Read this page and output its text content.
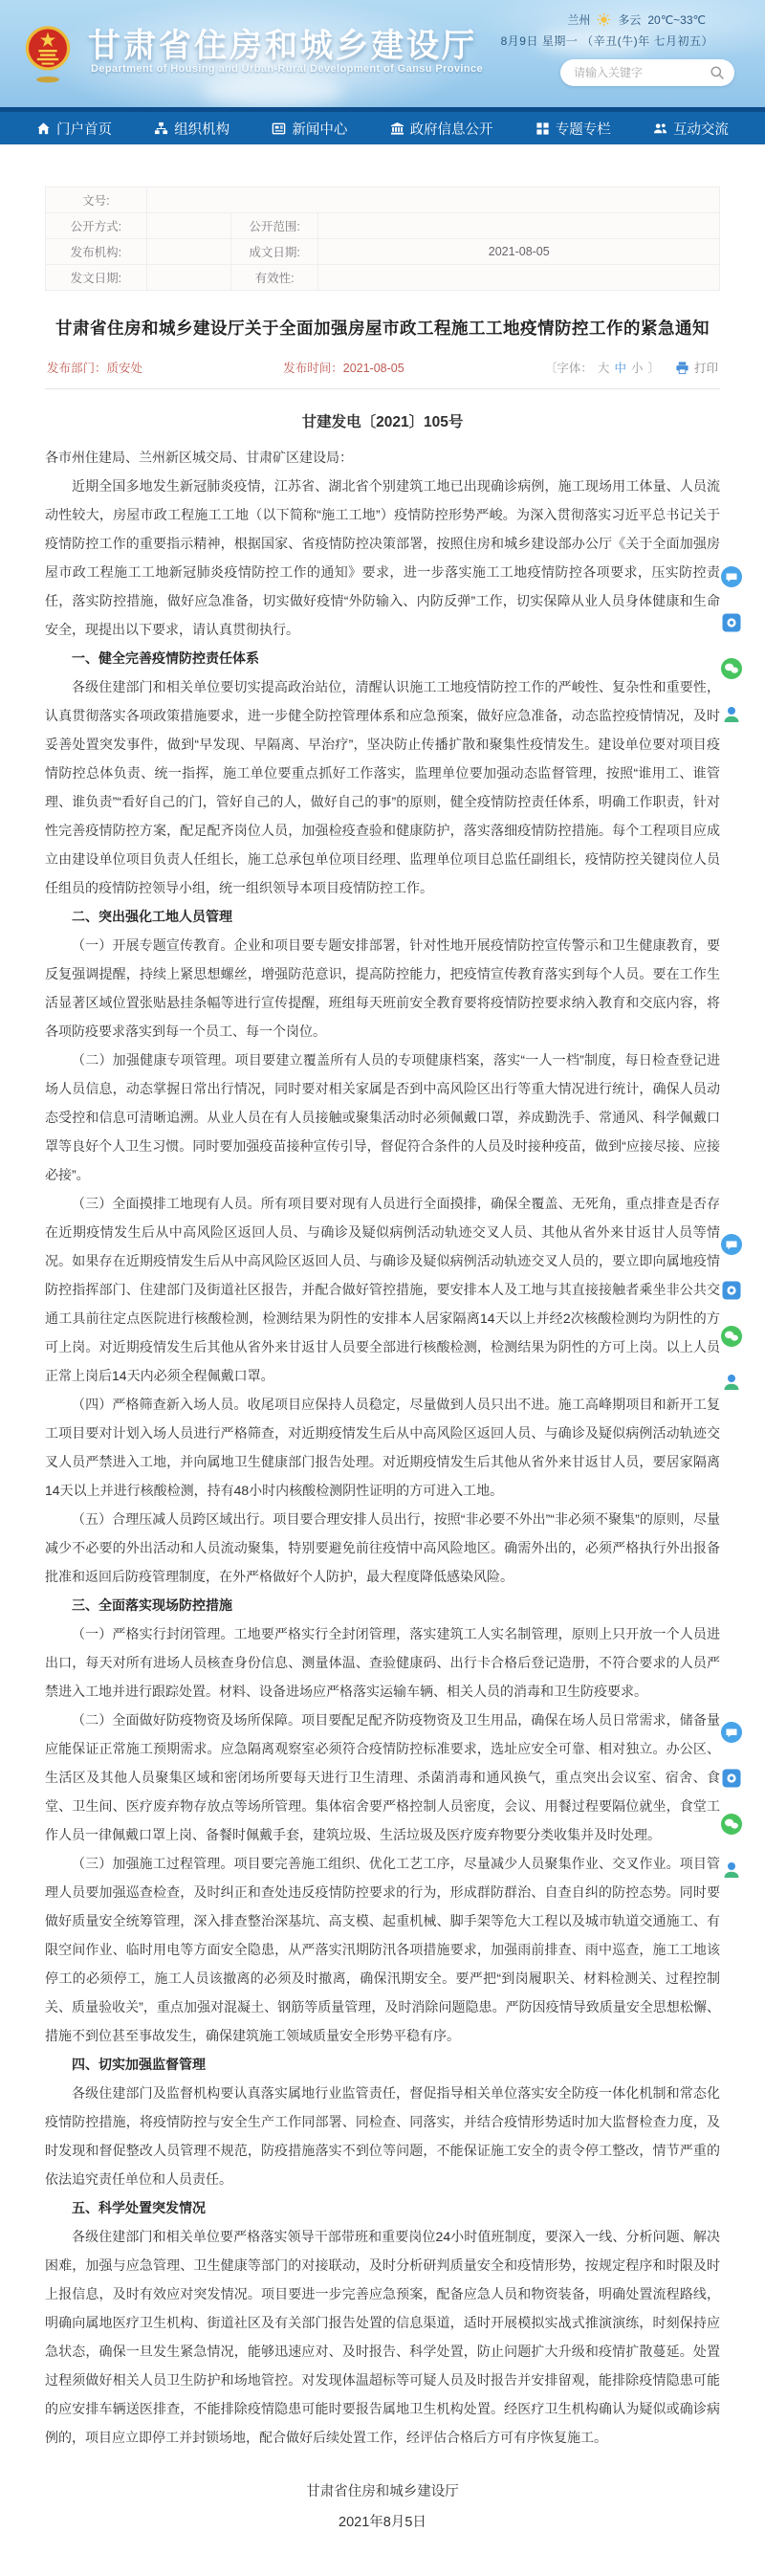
甘肃省住房和城乡建设厅
Department of Housing and Urban-Rural Development of Gansu Province
兰州 多云 20℃~33℃
8月9日 星期一 （辛丑(牛)年 七月初五）
请输入关键字
门户首页	组织机构	新闻中心	政府信息公开	专题专栏	互动交流
文号:			
公开方式:		公开范围:	
发布机构:		成文日期:	2021-08-05
发文日期:		有效性:	
甘肃省住房和城乡建设厅关于全面加强房屋市政工程施工工地疫情防控工作的紧急通知
发布部门：质安处	发布时间：2021-08-05	〔字体： 大 中 小 〕	打印
甘建发电〔2021〕105号

各市州住建局、兰州新区城交局、甘肃矿区建设局：

近期全国多地发生新冠肺炎疫情，江苏省、湖北省个别建筑工地已出现确诊病例，施工现场用工体量、人员流动性较大，房屋市政工程施工工地（以下简称“施工工地”）疫情防控形势严峻。为深入贯彻落实习近平总书记关于疫情防控工作的重要指示精神，根据国家、省疫情防控决策部署，按照住房和城乡建设部办公厅《关于全面加强房屋市政工程施工工地新冠肺炎疫情防控工作的通知》要求，进一步落实施工工地疫情防控各项要求，压实防控责任，落实防控措施，做好应急准备，切实做好疫情“外防输入、内防反弹”工作，切实保障从业人员身体健康和生命安全，现提出以下要求，请认真贯彻执行。

一、健全完善疫情防控责任体系

各级住建部门和相关单位要切实提高政治站位，清醒认识施工工地疫情防控工作的严峻性、复杂性和重要性，认真贯彻落实各项政策措施要求，进一步健全防控管理体系和应急预案，做好应急准备，动态监控疫情情况，及时妥善处置突发事件，做到“早发现、早隔离、早治疗”，坚决防止传播扩散和聚集性疫情发生。建设单位要对项目疫情防控总体负责、统一指挥，施工单位要重点抓好工作落实，监理单位要加强动态监督管理，按照“谁用工、谁管理、谁负责”“看好自己的门，管好自己的人，做好自己的事”的原则，健全疫情防控责任体系，明确工作职责，针对性完善疫情防控方案，配足配齐岗位人员，加强检疫查验和健康防护，落实落细疫情防控措施。每个工程项目应成立由建设单位项目负责人任组长，施工总承包单位项目经理、监理单位项目总监任副组长，疫情防控关键岗位人员任组员的疫情防控领导小组，统一组织领导本项目疫情防控工作。

二、突出强化工地人员管理

（一）开展专题宣传教育。企业和项目要专题安排部署，针对性地开展疫情防控宣传警示和卫生健康教育，要反复强调提醒，持续上紧思想螺丝，增强防范意识，提高防控能力，把疫情宣传教育落实到每个人员。要在工作生活显著区域位置张贴悬挂条幅等进行宣传提醒，班组每天班前安全教育要将疫情防控要求纳入教育和交底内容，将各项防疫要求落实到每一个员工、每一个岗位。

（二）加强健康专项管理。项目要建立覆盖所有人员的专项健康档案，落实“一人一档”制度，每日检查登记进场人员信息，动态掌握日常出行情况，同时要对相关家属是否到中高风险区出行等重大情况进行统计，确保人员动态受控和信息可清晰追溯。从业人员在有人员接触或聚集活动时必须佩戴口罩，养成勤洗手、常通风、科学佩戴口罩等良好个人卫生习惯。同时要加强疫苗接种宣传引导，督促符合条件的人员及时接种疫苗，做到“应接尽接、应接必接”。

（三）全面摸排工地现有人员。所有项目要对现有人员进行全面摸排，确保全覆盖、无死角，重点排查是否存在近期疫情发生后从中高风险区返回人员、与确诊及疑似病例活动轨迹交叉人员、其他从省外来甘返甘人员等情况。如果存在近期疫情发生后从中高风险区返回人员、与确诊及疑似病例活动轨迹交叉人员的，要立即向属地疫情防控指挥部门、住建部门及街道社区报告，并配合做好管控措施，要安排本人及工地与其直接接触者乘坐非公共交通工具前往定点医院进行核酸检测，检测结果为阴性的安排本人居家隔离14天以上并经2次核酸检测均为阴性的方可上岗。对近期疫情发生后其他从省外来甘返甘人员要全部进行核酸检测，检测结果为阴性的方可上岗。以上人员正常上岗后14天内必须全程佩戴口罩。

（四）严格筛查新入场人员。收尾项目应保持人员稳定，尽量做到人员只出不进。施工高峰期项目和新开工复工项目要对计划入场人员进行严格筛查，对近期疫情发生后从中高风险区返回人员、与确诊及疑似病例活动轨迹交叉人员严禁进入工地，并向属地卫生健康部门报告处理。对近期疫情发生后其他从省外来甘返甘人员，要居家隔离14天以上并进行核酸检测，持有48小时内核酸检测阴性证明的方可进入工地。

（五）合理压减人员跨区域出行。项目要合理安排人员出行，按照“非必要不外出”“非必须不聚集”的原则，尽量减少不必要的外出活动和人员流动聚集，特别要避免前往疫情中高风险地区。确需外出的，必须严格执行外出报备批准和返回后防疫管理制度，在外严格做好个人防护，最大程度降低感染风险。

三、全面落实现场防控措施

（一）严格实行封闭管理。工地要严格实行全封闭管理，落实建筑工人实名制管理，原则上只开放一个人员进出口，每天对所有进场人员核查身份信息、测量体温、查验健康码、出行卡合格后登记造册，不符合要求的人员严禁进入工地并进行跟踪处置。材料、设备进场应严格落实运输车辆、相关人员的消毒和卫生防疫要求。

（二）全面做好防疫物资及场所保障。项目要配足配齐防疫物资及卫生用品，确保在场人员日常需求，储备量应能保证正常施工预期需求。应急隔离观察室必须符合疫情防控标准要求，选址应安全可靠、相对独立。办公区、生活区及其他人员聚集区域和密闭场所要每天进行卫生清理、杀菌消毒和通风换气，重点突出会议室、宿舍、食堂、卫生间、医疗废弃物存放点等场所管理。集体宿舍要严格控制人员密度，会议、用餐过程要隔位就坐，食堂工作人员一律佩戴口罩上岗、备餐时佩戴手套，建筑垃圾、生活垃圾及医疗废弃物要分类收集并及时处理。

（三）加强施工过程管理。项目要完善施工组织、优化工艺工序，尽量减少人员聚集作业、交叉作业。项目管理人员要加强巡查检查，及时纠正和查处违反疫情防控要求的行为，形成群防群治、自查自纠的防控态势。同时要做好质量安全统筹管理，深入排查整治深基坑、高支模、起重机械、脚手架等危大工程以及城市轨道交通施工、有限空间作业、临时用电等方面安全隐患，从严落实汛期防汛各项措施要求，加强雨前排查、雨中巡查，施工工地该停工的必须停工，施工人员该撤离的必须及时撤离，确保汛期安全。要严把“到岗履职关、材料检测关、过程控制关、质量验收关”，重点加强对混凝土、钢筋等质量管理，及时消除问题隐患。严防因疫情导致质量安全思想松懈、措施不到位甚至事故发生，确保建筑施工领域质量安全形势平稳有序。

四、切实加强监督管理

各级住建部门及监督机构要认真落实属地行业监管责任，督促指导相关单位落实安全防疫一体化机制和常态化疫情防控措施，将疫情防控与安全生产工作同部署、同检查、同落实，并结合疫情形势适时加大监督检查力度，及时发现和督促整改人员管理不规范，防疫措施落实不到位等问题，不能保证施工安全的责令停工整改，情节严重的依法追究责任单位和人员责任。

五、科学处置突发情况

各级住建部门和相关单位要严格落实领导干部带班和重要岗位24小时值班制度，要深入一线、分析问题、解决困难，加强与应急管理、卫生健康等部门的对接联动，及时分析研判质量安全和疫情形势，按规定程序和时限及时上报信息，及时有效应对突发情况。项目要进一步完善应急预案，配备应急人员和物资装备，明确处置流程路线，明确向属地医疗卫生机构、街道社区及有关部门报告处置的信息渠道，适时开展模拟实战式推演演练，时刻保持应急状态，确保一旦发生紧急情况，能够迅速应对、及时报告、科学处置，防止问题扩大升级和疫情扩散蔓延。处置过程须做好相关人员卫生防护和场地管控。对发现体温超标等可疑人员及时报告并安排留观，能排除疫情隐患可能的应安排车辆送医排查，不能排除疫情隐患可能时要报告属地卫生机构处置。经医疗卫生机构确认为疑似或确诊病例的，项目应立即停工并封锁场地，配合做好后续处置工作，经评估合格后方可有序恢复施工。

甘肃省住房和城乡建设厅
2021年8月5日
